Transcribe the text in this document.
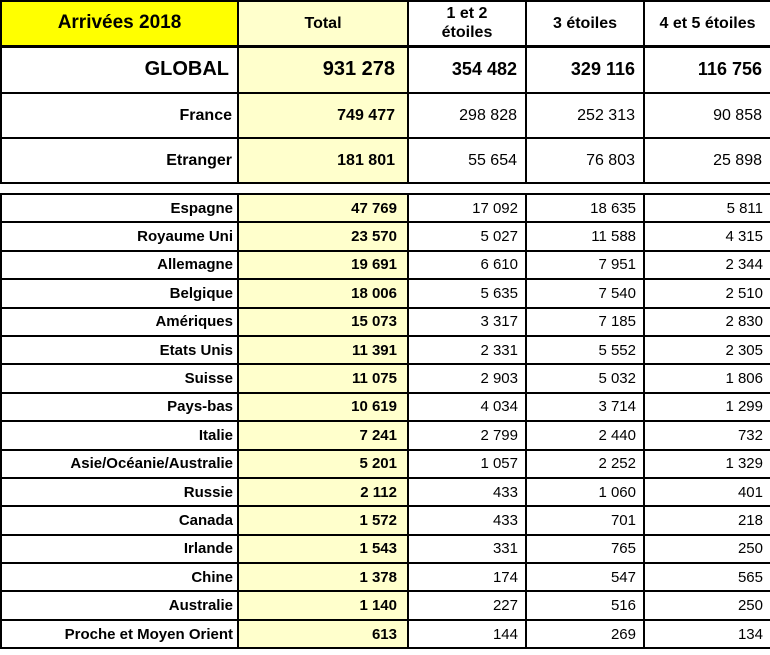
Arrivées 2018	Total	1 et 2 étoiles	3 étoiles	4 et 5 étoiles
GLOBAL	931 278	354 482	329 116	116 756
France	749 477	298 828	252 313	90 858
Etranger	181 801	55 654	76 803	25 898
Espagne	47 769	17 092	18 635	5 811
Royaume Uni	23 570	5 027	11 588	4 315
Allemagne	19 691	6 610	7 951	2 344
Belgique	18 006	5 635	7 540	2 510
Amériques	15 073	3 317	7 185	2 830
Etats Unis	11 391	2 331	5 552	2 305
Suisse	11 075	2 903	5 032	1 806
Pays-bas	10 619	4 034	3 714	1 299
Italie	7 241	2 799	2 440	732
Asie/Océanie/Australie	5 201	1 057	2 252	1 329
Russie	2 112	433	1 060	401
Canada	1 572	433	701	218
Irlande	1 543	331	765	250
Chine	1 378	174	547	565
Australie	1 140	227	516	250
Proche et Moyen Orient	613	144	269	134
